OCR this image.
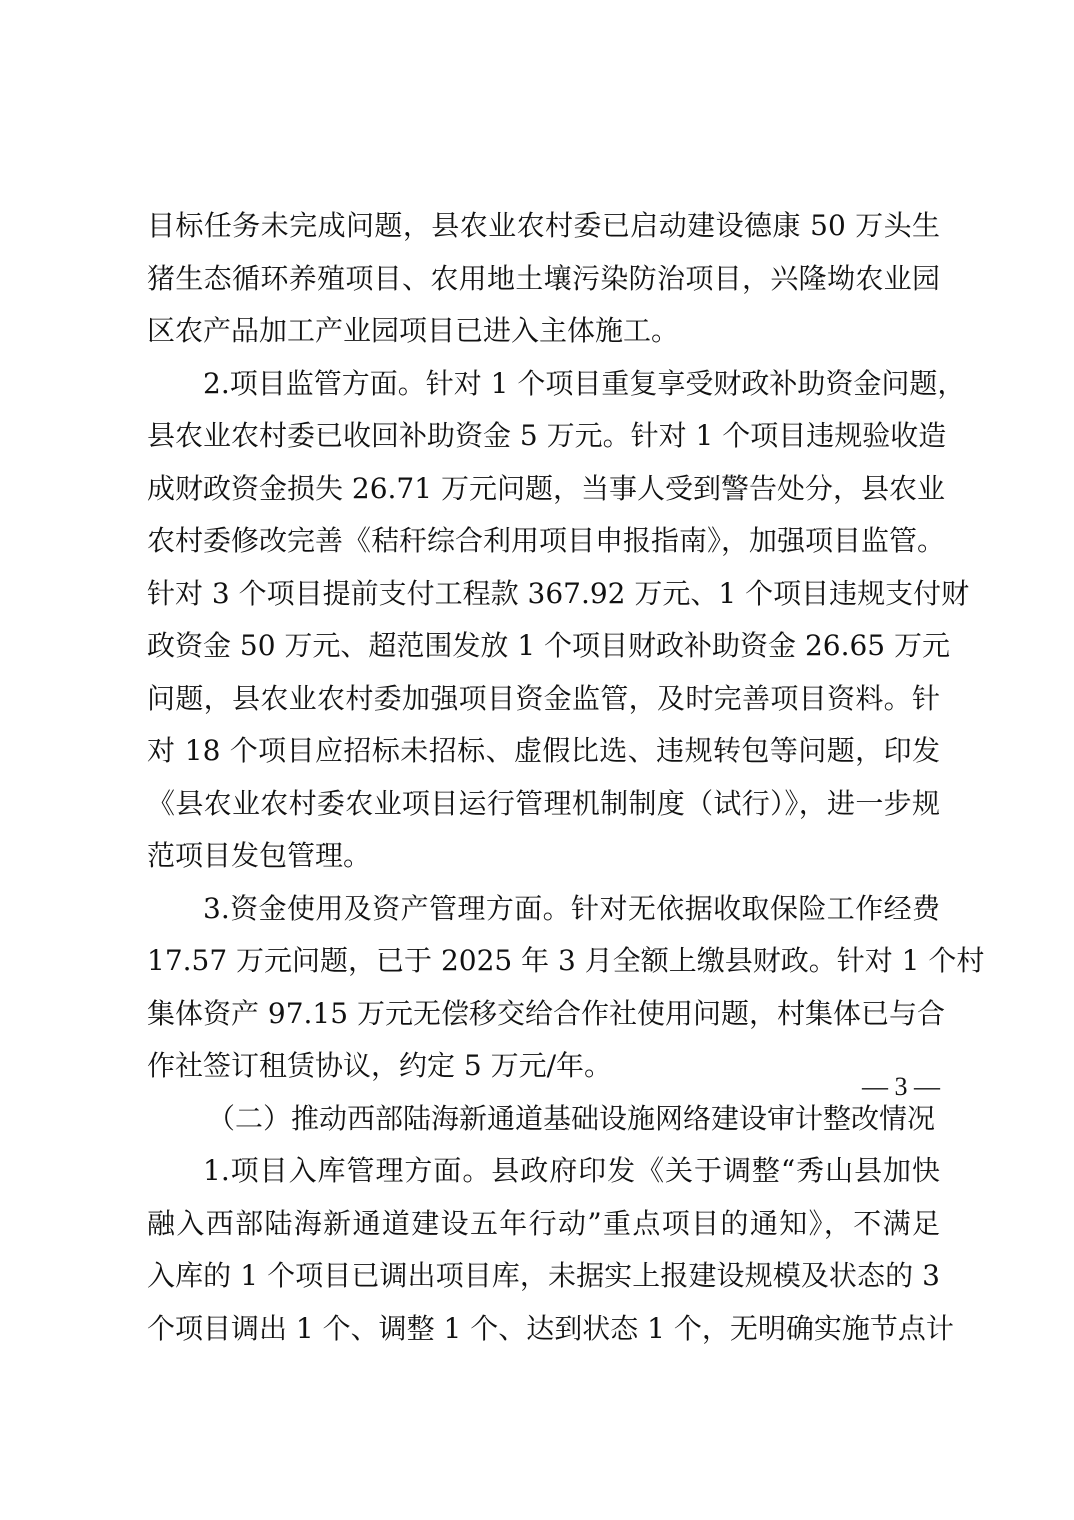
目标任务未完成问题，县农业农村委已启动建设德康 50 万头生
猪生态循环养殖项目、农用地土壤污染防治项目，兴隆坳农业园
区农产品加工产业园项目已进入主体施工。
2.项目监管方面。针对 1 个项目重复享受财政补助资金问题，
县农业农村委已收回补助资金 5 万元。针对 1 个项目违规验收造
成财政资金损失 26.71 万元问题，当事人受到警告处分，县农业
农村委修改完善《秸秆综合利用项目申报指南》，加强项目监管。
针对 3 个项目提前支付工程款 367.92 万元、1 个项目违规支付财
政资金 50 万元、超范围发放 1 个项目财政补助资金 26.65 万元
问题，县农业农村委加强项目资金监管，及时完善项目资料。针
对 18 个项目应招标未招标、虚假比选、违规转包等问题，印发
《县农业农村委农业项目运行管理机制制度（试行）》，进一步规
范项目发包管理。
3.资金使用及资产管理方面。针对无依据收取保险工作经费
17.57 万元问题，已于 2025 年 3 月全额上缴县财政。针对 1 个村
集体资产 97.15 万元无偿移交给合作社使用问题，村集体已与合
作社签订租赁协议，约定 5 万元/年。
（二）推动西部陆海新通道基础设施网络建设审计整改情况
1.项目入库管理方面。县政府印发《关于调整“秀山县加快
融入西部陆海新通道建设五年行动”重点项目的通知》，不满足
入库的 1 个项目已调出项目库，未据实上报建设规模及状态的 3
个项目调出 1 个、调整 1 个、达到状态 1 个，无明确实施节点计
— 3 —
